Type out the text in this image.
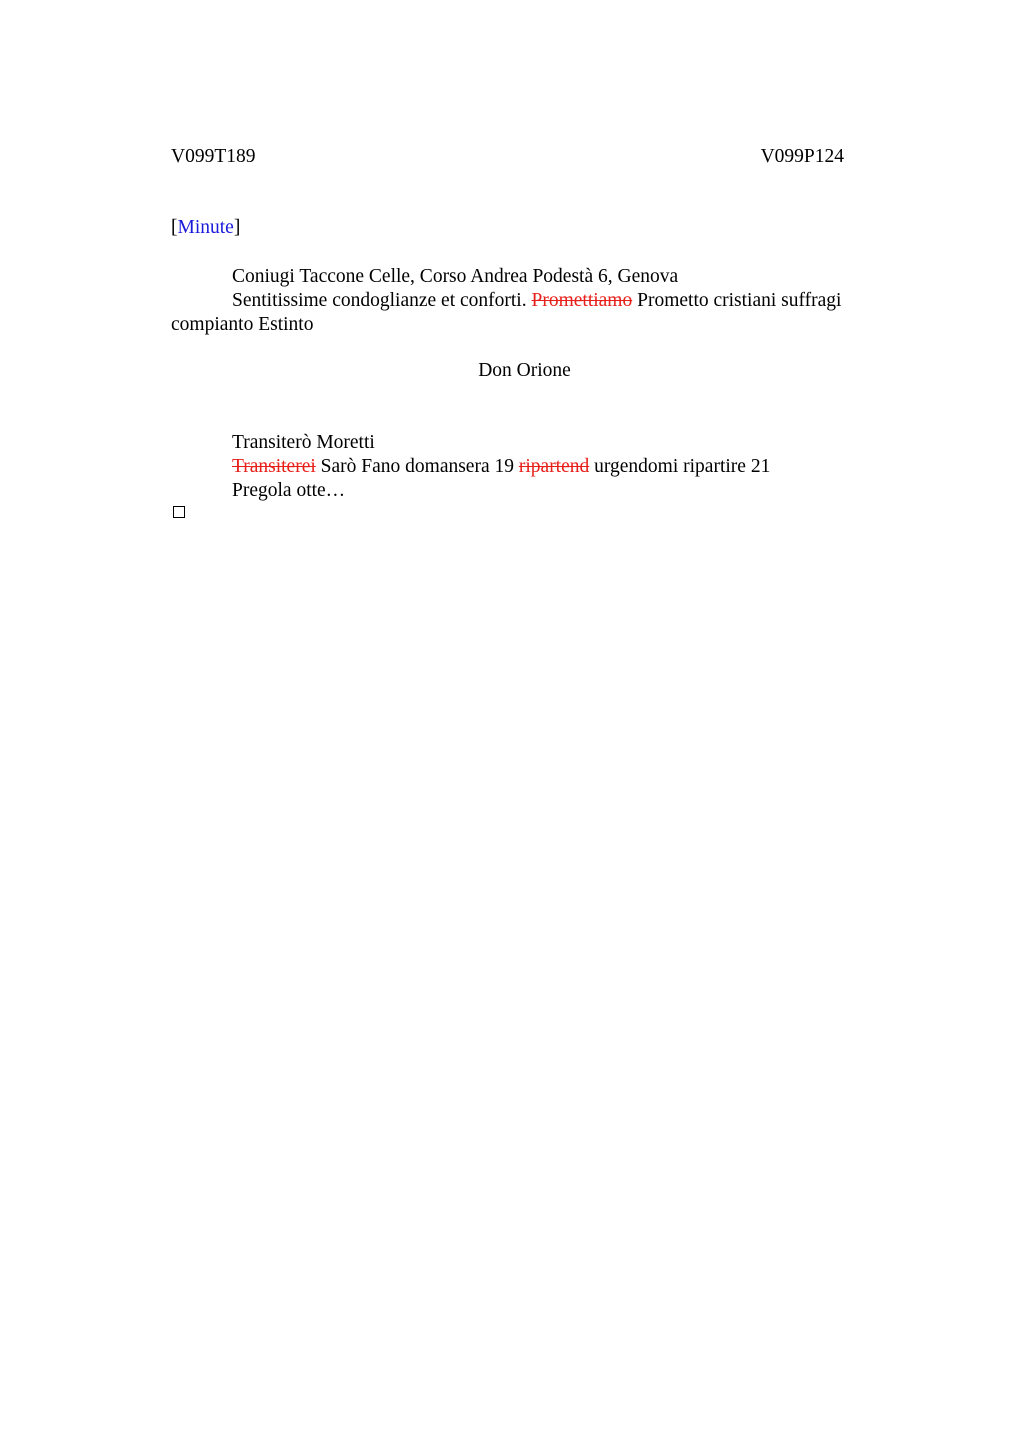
V099T189	V099P124
[Minute]
Coniugi Taccone Celle, Corso Andrea Podestà 6, Genova
Sentitissime condoglianze et conforti. Promettiamo Prometto cristiani suffragi compianto Estinto
Don Orione
Transiterò Moretti
Transiterei Sarò Fano domansera 19 ripartend urgendomi ripartire 21
Pregola otte…
